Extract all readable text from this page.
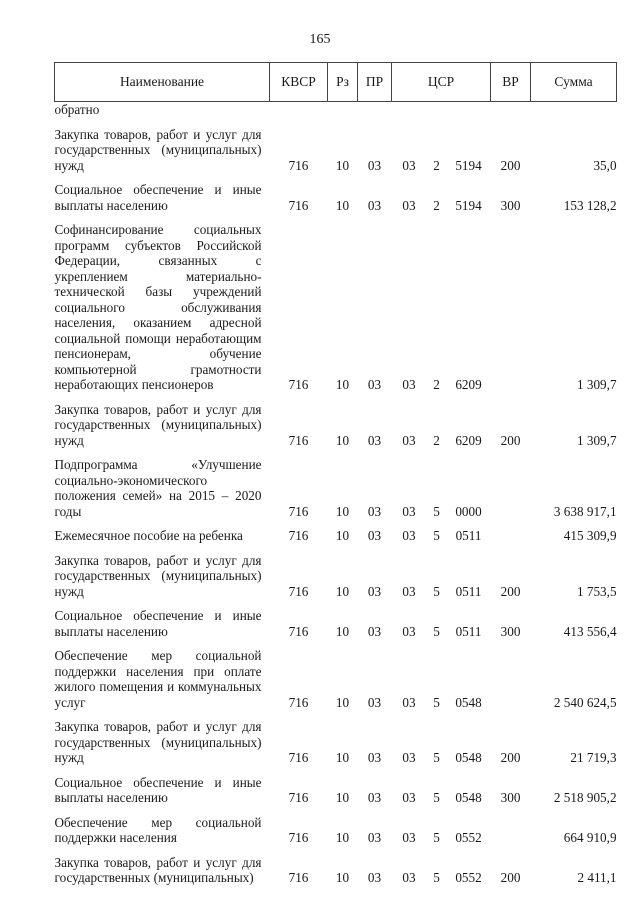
165
Наименование	КВСР	Рз	ПР	ЦСР			ВР	Сумма
обратно								
Закупка товаров, работ и услуг для государственных (муниципальных) нужд	716	10	03	03	2	5194	200	35,0
Социальное обеспечение и иные выплаты населению	716	10	03	03	2	5194	300	153 128,2
Софинансирование социальных программ субъектов Российской Федерации, связанных с укреплением материально-технической базы учреждений социального обслуживания населения, оказанием адресной социальной помощи неработающим пенсионерам, обучение компьютерной грамотности неработающих пенсионеров	716	10	03	03	2	6209		1 309,7
Закупка товаров, работ и услуг для государственных (муниципальных) нужд	716	10	03	03	2	6209	200	1 309,7
Подпрограмма «Улучшение социально-экономического положения семей» на 2015 – 2020 годы	716	10	03	03	5	0000		3 638 917,1
Ежемесячное пособие на ребенка	716	10	03	03	5	0511		415 309,9
Закупка товаров, работ и услуг для государственных (муниципальных) нужд	716	10	03	03	5	0511	200	1 753,5
Социальное обеспечение и иные выплаты населению	716	10	03	03	5	0511	300	413 556,4
Обеспечение мер социальной поддержки населения при оплате жилого помещения и коммунальных услуг	716	10	03	03	5	0548		2 540 624,5
Закупка товаров, работ и услуг для государственных (муниципальных) нужд	716	10	03	03	5	0548	200	21 719,3
Социальное обеспечение и иные выплаты населению	716	10	03	03	5	0548	300	2 518 905,2
Обеспечение мер социальной поддержки населения	716	10	03	03	5	0552		664 910,9
Закупка товаров, работ и услуг для государственных (муниципальных)	716	10	03	03	5	0552	200	2 411,1
